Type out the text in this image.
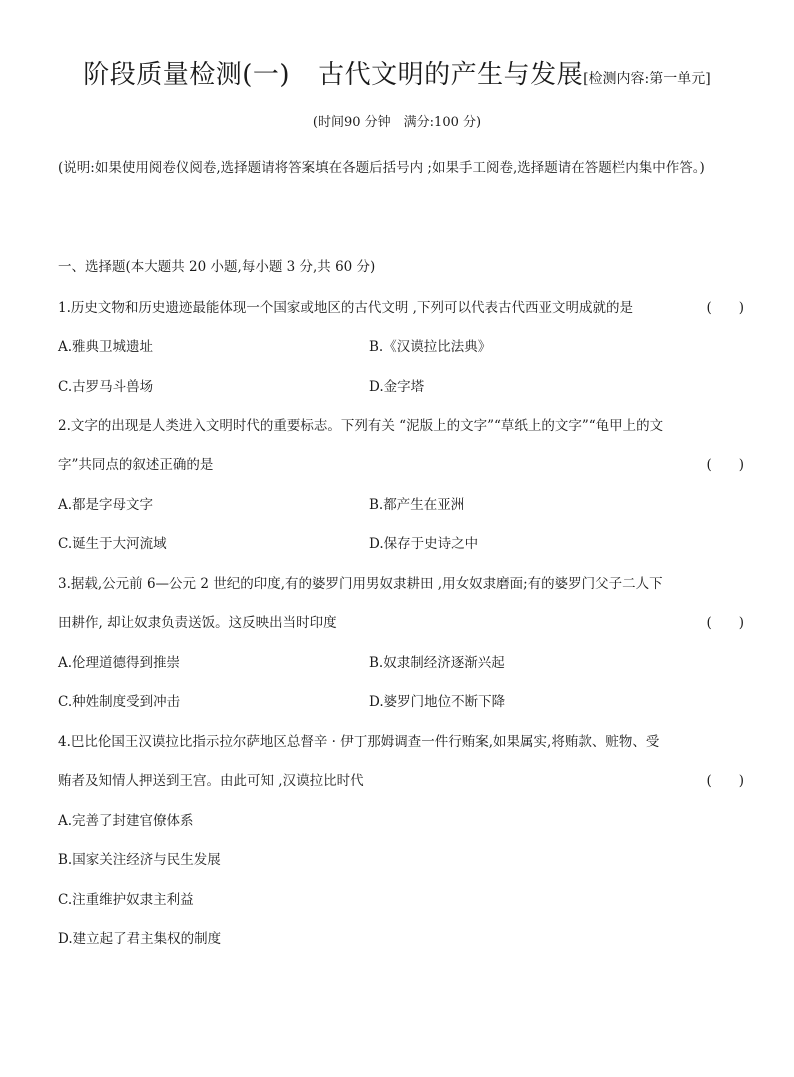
阶段质量检测(一) 古代文明的产生与发展[检测内容:第一单元]
(时间90 分钟　满分:100 分)
(说明:如果使用阅卷仪阅卷,选择题请将答案填在各题后括号内 ;如果手工阅卷,选择题请在答题栏内集中作答。)
一、选择题(本大题共 20 小题,每小题 3 分,共 60 分)
1.历史文物和历史遗迹最能体现一个国家或地区的古代文明 ,下列可以代表古代西亚文明成就的是	(　　)
A.雅典卫城遗址	B.《汉谟拉比法典》
C.古罗马斗兽场	D.金字塔
2.文字的出现是人类进入文明时代的重要标志。下列有关 “泥版上的文字”“草纸上的文字”“龟甲上的文
字”共同点的叙述正确的是	(　　)
A.都是字母文字	B.都产生在亚洲
C.诞生于大河流域	D.保存于史诗之中
3.据载,公元前 6—公元 2 世纪的印度,有的婆罗门用男奴隶耕田 ,用女奴隶磨面;有的婆罗门父子二人下
田耕作, 却让奴隶负责送饭。这反映出当时印度	(　　)
A.伦理道德得到推崇	B.奴隶制经济逐渐兴起
C.种姓制度受到冲击	D.婆罗门地位不断下降
4.巴比伦国王汉谟拉比指示拉尔萨地区总督辛 · 伊丁那姆调查一件行贿案,如果属实,将贿款、赃物、受
贿者及知情人押送到王宫。由此可知 ,汉谟拉比时代	(　　)
A.完善了封建官僚体系
B.国家关注经济与民生发展
C.注重维护奴隶主利益
D.建立起了君主集权的制度
